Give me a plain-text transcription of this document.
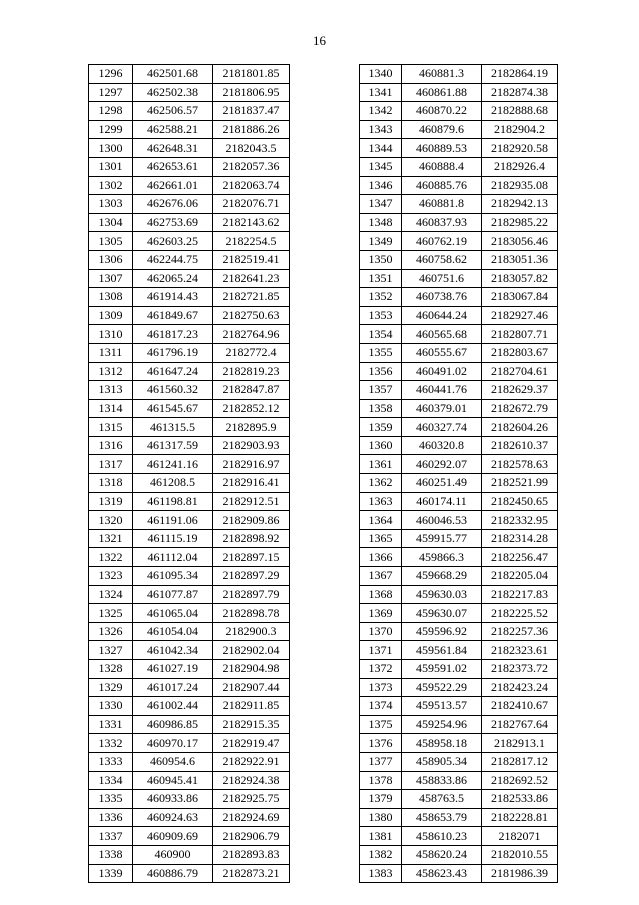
16
1296	462501.68	2181801.85
1297	462502.38	2181806.95
1298	462506.57	2181837.47
1299	462588.21	2181886.26
1300	462648.31	2182043.5
1301	462653.61	2182057.36
1302	462661.01	2182063.74
1303	462676.06	2182076.71
1304	462753.69	2182143.62
1305	462603.25	2182254.5
1306	462244.75	2182519.41
1307	462065.24	2182641.23
1308	461914.43	2182721.85
1309	461849.67	2182750.63
1310	461817.23	2182764.96
1311	461796.19	2182772.4
1312	461647.24	2182819.23
1313	461560.32	2182847.87
1314	461545.67	2182852.12
1315	461315.5	2182895.9
1316	461317.59	2182903.93
1317	461241.16	2182916.97
1318	461208.5	2182916.41
1319	461198.81	2182912.51
1320	461191.06	2182909.86
1321	461115.19	2182898.92
1322	461112.04	2182897.15
1323	461095.34	2182897.29
1324	461077.87	2182897.79
1325	461065.04	2182898.78
1326	461054.04	2182900.3
1327	461042.34	2182902.04
1328	461027.19	2182904.98
1329	461017.24	2182907.44
1330	461002.44	2182911.85
1331	460986.85	2182915.35
1332	460970.17	2182919.47
1333	460954.6	2182922.91
1334	460945.41	2182924.38
1335	460933.86	2182925.75
1336	460924.63	2182924.69
1337	460909.69	2182906.79
1338	460900	2182893.83
1339	460886.79	2182873.21
1340	460881.3	2182864.19
1341	460861.88	2182874.38
1342	460870.22	2182888.68
1343	460879.6	2182904.2
1344	460889.53	2182920.58
1345	460888.4	2182926.4
1346	460885.76	2182935.08
1347	460881.8	2182942.13
1348	460837.93	2182985.22
1349	460762.19	2183056.46
1350	460758.62	2183051.36
1351	460751.6	2183057.82
1352	460738.76	2183067.84
1353	460644.24	2182927.46
1354	460565.68	2182807.71
1355	460555.67	2182803.67
1356	460491.02	2182704.61
1357	460441.76	2182629.37
1358	460379.01	2182672.79
1359	460327.74	2182604.26
1360	460320.8	2182610.37
1361	460292.07	2182578.63
1362	460251.49	2182521.99
1363	460174.11	2182450.65
1364	460046.53	2182332.95
1365	459915.77	2182314.28
1366	459866.3	2182256.47
1367	459668.29	2182205.04
1368	459630.03	2182217.83
1369	459630.07	2182225.52
1370	459596.92	2182257.36
1371	459561.84	2182323.61
1372	459591.02	2182373.72
1373	459522.29	2182423.24
1374	459513.57	2182410.67
1375	459254.96	2182767.64
1376	458958.18	2182913.1
1377	458905.34	2182817.12
1378	458833.86	2182692.52
1379	458763.5	2182533.86
1380	458653.79	2182228.81
1381	458610.23	2182071
1382	458620.24	2182010.55
1383	458623.43	2181986.39
